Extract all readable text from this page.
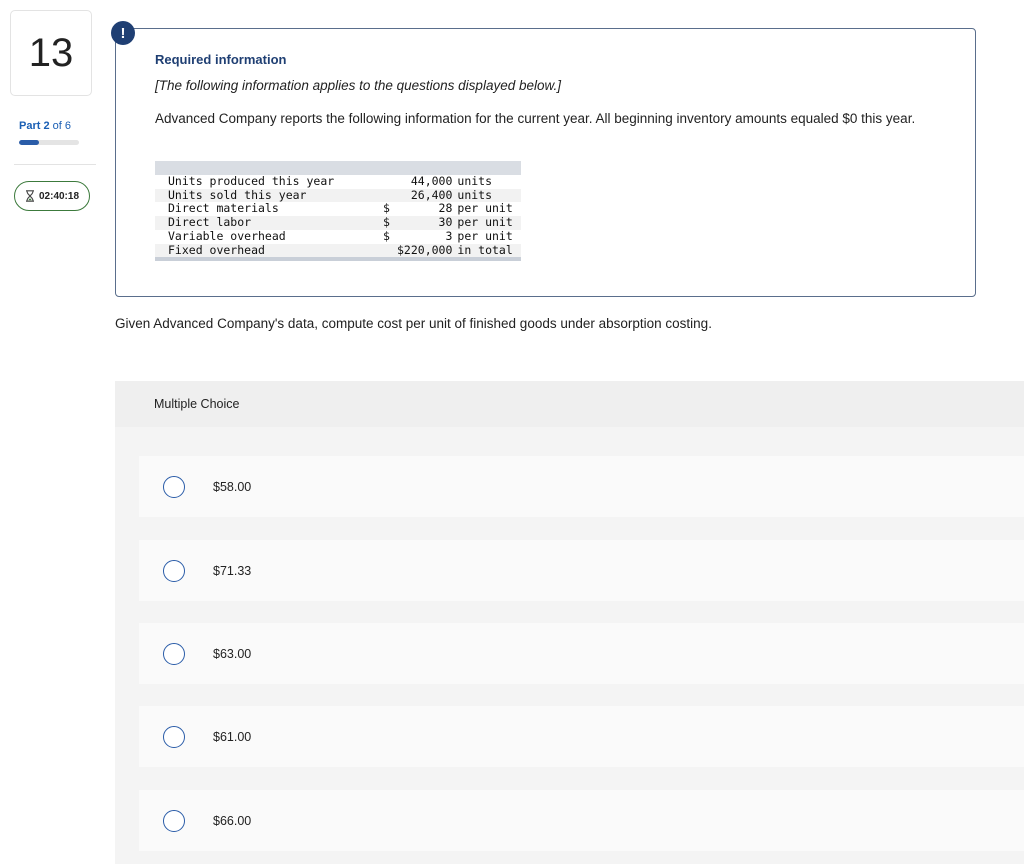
13
Part 2 of 6
02:40:18
!
Required information
[The following information applies to the questions displayed below.]
Advanced Company reports the following information for the current year. All beginning inventory amounts equaled $0 this year.

Units produced this year		44,000	units
Units sold this year		26,400	units
Direct materials	$	28	per unit
Direct labor	$	30	per unit
Variable overhead	$	3	per unit
Fixed overhead		$220,000	in total

Given Advanced Company's data, compute cost per unit of finished goods under absorption costing.
Multiple Choice
$58.00
$71.33
$63.00
$61.00
$66.00
